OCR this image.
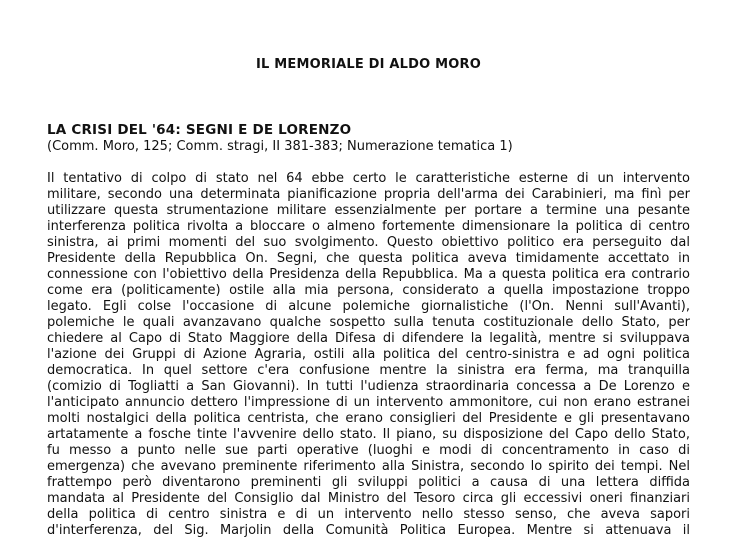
IL MEMORIALE DI ALDO MORO
LA CRISI DEL '64: SEGNI E DE LORENZO

(Comm. Moro, 125; Comm. stragi, II 381-383; Numerazione tematica 1)

Il tentativo di colpo di stato nel 64 ebbe certo le caratteristiche esterne di un intervento
militare, secondo una determinata pianificazione propria dell'arma dei Carabinieri, ma finì per
utilizzare questa strumentazione militare essenzialmente per portare a termine una pesante
interferenza politica rivolta a bloccare o almeno fortemente dimensionare la politica di centro
sinistra, ai primi momenti del suo svolgimento. Questo obiettivo politico era perseguito dal
Presidente della Repubblica On. Segni, che questa politica aveva timidamente accettato in
connessione con l'obiettivo della Presidenza della Repubblica. Ma a questa politica era contrario
come era (politicamente) ostile alla mia persona, considerato a quella impostazione troppo
legato. Egli colse l'occasione di alcune polemiche giornalistiche (l'On. Nenni sull'Avanti),
polemiche le quali avanzavano qualche sospetto sulla tenuta costituzionale dello Stato, per
chiedere al Capo di Stato Maggiore della Difesa di difendere la legalità, mentre si sviluppava
l'azione dei Gruppi di Azione Agraria, ostili alla politica del centro-sinistra e ad ogni politica
democratica. In quel settore c'era confusione mentre la sinistra era ferma, ma tranquilla
(comizio di Togliatti a San Giovanni). In tutti l'udienza straordinaria concessa a De Lorenzo e
l'anticipato annuncio dettero l'impressione di un intervento ammonitore, cui non erano estranei
molti nostalgici della politica centrista, che erano consiglieri del Presidente e gli presentavano
artatamente a fosche tinte l'avvenire dello stato. Il piano, su disposizione del Capo dello Stato,
fu messo a punto nelle sue parti operative (luoghi e modi di concentramento in caso di
emergenza) che avevano preminente riferimento alla Sinistra, secondo lo spirito dei tempi. Nel
frattempo però diventarono preminenti gli sviluppi politici a causa di una lettera diffida
mandata al Presidente del Consiglio dal Ministro del Tesoro circa gli eccessivi oneri finanziari
della politica di centro sinistra e di un intervento nello stesso senso, che aveva sapori
d'interferenza, del Sig. Marjolin della Comunità Politica Europea. Mentre si attenuava il
